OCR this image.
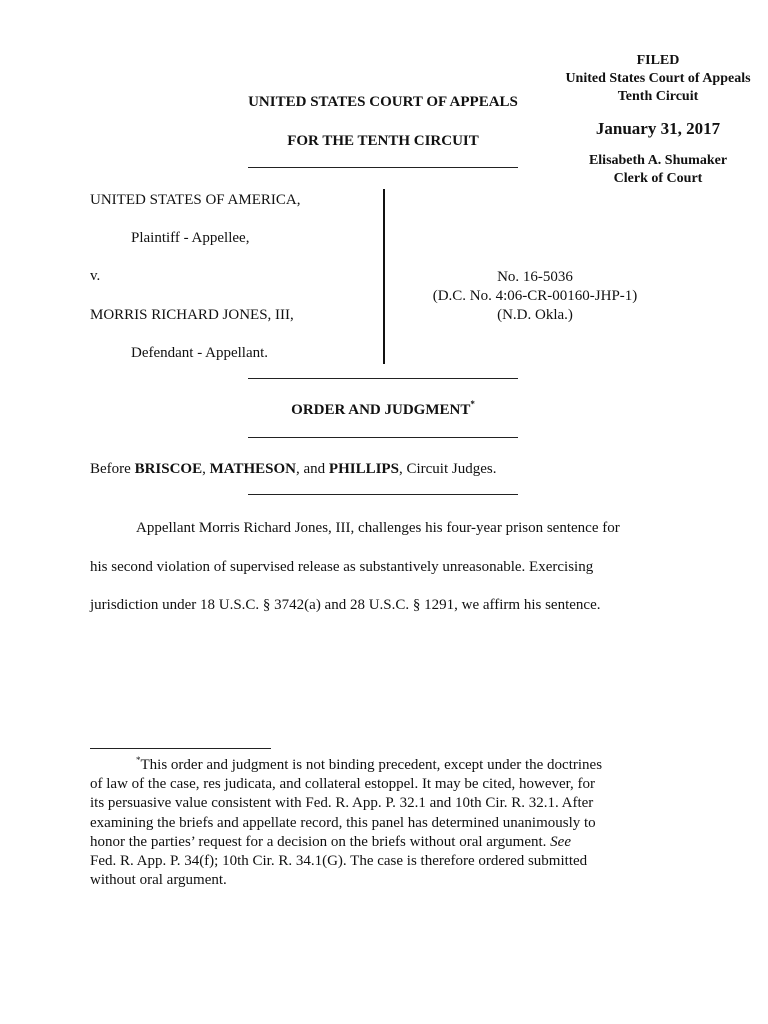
FILED
United States Court of Appeals
Tenth Circuit
January 31, 2017
Elisabeth A. Shumaker
Clerk of Court
UNITED STATES COURT OF APPEALS
FOR THE TENTH CIRCUIT
UNITED STATES OF AMERICA,
Plaintiff - Appellee,
v.
MORRIS RICHARD JONES, III,
Defendant - Appellant.
No. 16-5036
(D.C. No. 4:06-CR-00160-JHP-1)
(N.D. Okla.)
ORDER AND JUDGMENT*
Before BRISCOE, MATHESON, and PHILLIPS, Circuit Judges.
Appellant Morris Richard Jones, III, challenges his four-year prison sentence for
his second violation of supervised release as substantively unreasonable. Exercising
jurisdiction under 18 U.S.C. § 3742(a) and 28 U.S.C. § 1291, we affirm his sentence.
*This order and judgment is not binding precedent, except under the doctrines
of law of the case, res judicata, and collateral estoppel. It may be cited, however, for
its persuasive value consistent with Fed. R. App. P. 32.1 and 10th Cir. R. 32.1. After
examining the briefs and appellate record, this panel has determined unanimously to
honor the parties’ request for a decision on the briefs without oral argument. See
Fed. R. App. P. 34(f); 10th Cir. R. 34.1(G). The case is therefore ordered submitted
without oral argument.
